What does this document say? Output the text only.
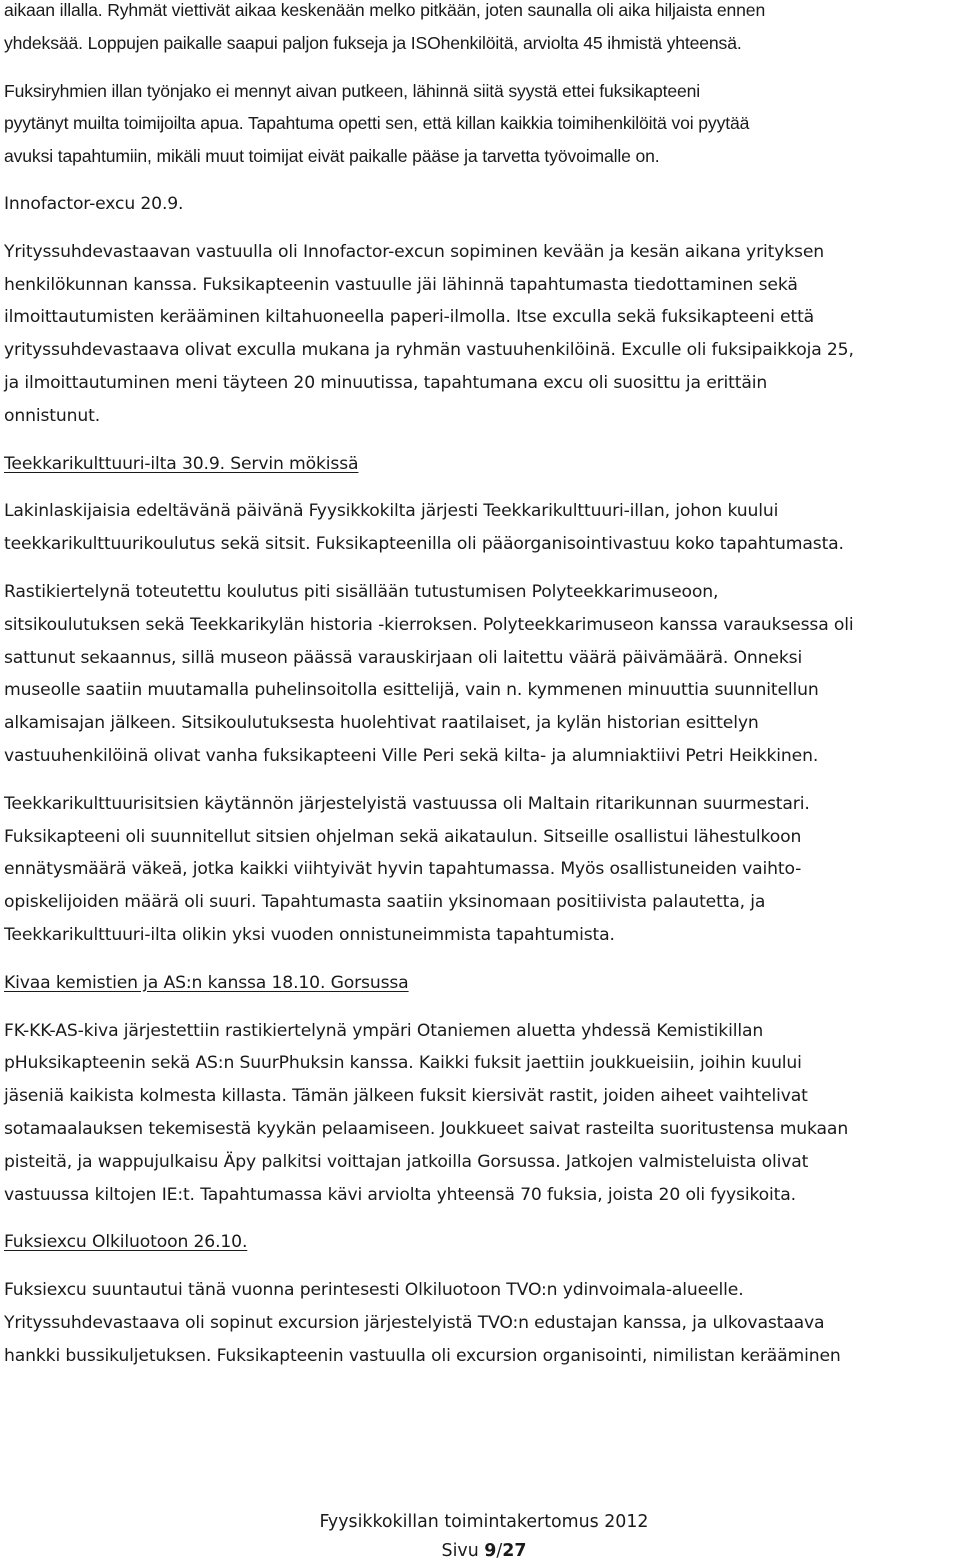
aikaan illalla. Ryhmät viettivät aikaa keskenään melko pitkään, joten saunalla oli aika hiljaista ennen
yhdeksää. Loppujen paikalle saapui paljon fukseja ja ISOhenkilöitä, arviolta 45 ihmistä yhteensä.
Fuksiryhmien illan työnjako ei mennyt aivan putkeen, lähinnä siitä syystä ettei fuksikapteeni
pyytänyt muilta toimijoilta apua. Tapahtuma opetti sen, että killan kaikkia toimihenkilöitä voi pyytää
avuksi tapahtumiin, mikäli muut toimijat eivät paikalle pääse ja tarvetta työvoimalle on.
Innofactor-excu 20.9.
Yrityssuhdevastaavan vastuulla oli Innofactor-excun sopiminen kevään ja kesän aikana yrityksen
henkilökunnan kanssa. Fuksikapteenin vastuulle jäi lähinnä tapahtumasta tiedottaminen sekä
ilmoittautumisten kerääminen kiltahuoneella paperi-ilmolla. Itse exculla sekä fuksikapteeni että
yrityssuhdevastaava olivat exculla mukana ja ryhmän vastuuhenkilöinä. Exculle oli fuksipaikkoja 25,
ja ilmoittautuminen meni täyteen 20 minuutissa, tapahtumana excu oli suosittu ja erittäin
onnistunut.
Teekkarikulttuuri-ilta 30.9. Servin mökissä
Lakinlaskijaisia edeltävänä päivänä Fyysikkokilta järjesti Teekkarikulttuuri-illan, johon kuului
teekkarikulttuurikoulutus sekä sitsit. Fuksikapteenilla oli pääorganisointivastuu koko tapahtumasta.
Rastikiertelynä toteutettu koulutus piti sisällään tutustumisen Polyteekkarimuseoon,
sitsikoulutuksen sekä Teekkarikylän historia -kierroksen. Polyteekkarimuseon kanssa varauksessa oli
sattunut sekaannus, sillä museon päässä varauskirjaan oli laitettu väärä päivämäärä. Onneksi
museolle saatiin muutamalla puhelinsoitolla esittelijä, vain n. kymmenen minuuttia suunnitellun
alkamisajan jälkeen. Sitsikoulutuksesta huolehtivat raatilaiset, ja kylän historian esittelyn
vastuuhenkilöinä olivat vanha fuksikapteeni Ville Peri sekä kilta- ja alumniaktiivi Petri Heikkinen.
Teekkarikulttuurisitsien käytännön järjestelyistä vastuussa oli Maltain ritarikunnan suurmestari.
Fuksikapteeni oli suunnitellut sitsien ohjelman sekä aikataulun. Sitseille osallistui lähestulkoon
ennätysmäärä väkeä, jotka kaikki viihtyivät hyvin tapahtumassa. Myös osallistuneiden vaihto-
opiskelijoiden määrä oli suuri. Tapahtumasta saatiin yksinomaan positiivista palautetta, ja
Teekkarikulttuuri-ilta olikin yksi vuoden onnistuneimmista tapahtumista.
Kivaa kemistien ja AS:n kanssa 18.10. Gorsussa
FK-KK-AS-kiva järjestettiin rastikiertelynä ympäri Otaniemen aluetta yhdessä Kemistikillan
pHuksikapteenin sekä AS:n SuurPhuksin kanssa. Kaikki fuksit jaettiin joukkueisiin, joihin kuului
jäseniä kaikista kolmesta killasta. Tämän jälkeen fuksit kiersivät rastit, joiden aiheet vaihtelivat
sotamaalauksen tekemisestä kyykän pelaamiseen. Joukkueet saivat rasteilta suoritustensa mukaan
pisteitä, ja wappujulkaisu Äpy palkitsi voittajan jatkoilla Gorsussa. Jatkojen valmisteluista olivat
vastuussa kiltojen IE:t. Tapahtumassa kävi arviolta yhteensä 70 fuksia, joista 20 oli fyysikoita.
Fuksiexcu Olkiluotoon 26.10.
Fuksiexcu suuntautui tänä vuonna perintesesti Olkiluotoon TVO:n ydinvoimala-alueelle.
Yrityssuhdevastaava oli sopinut excursion järjestelyistä TVO:n edustajan kanssa, ja ulkovastaava
hankki bussikuljetuksen. Fuksikapteenin vastuulla oli excursion organisointi, nimilistan kerääminen
Fyysikkokillan toimintakertomus 2012
Sivu 9/27
